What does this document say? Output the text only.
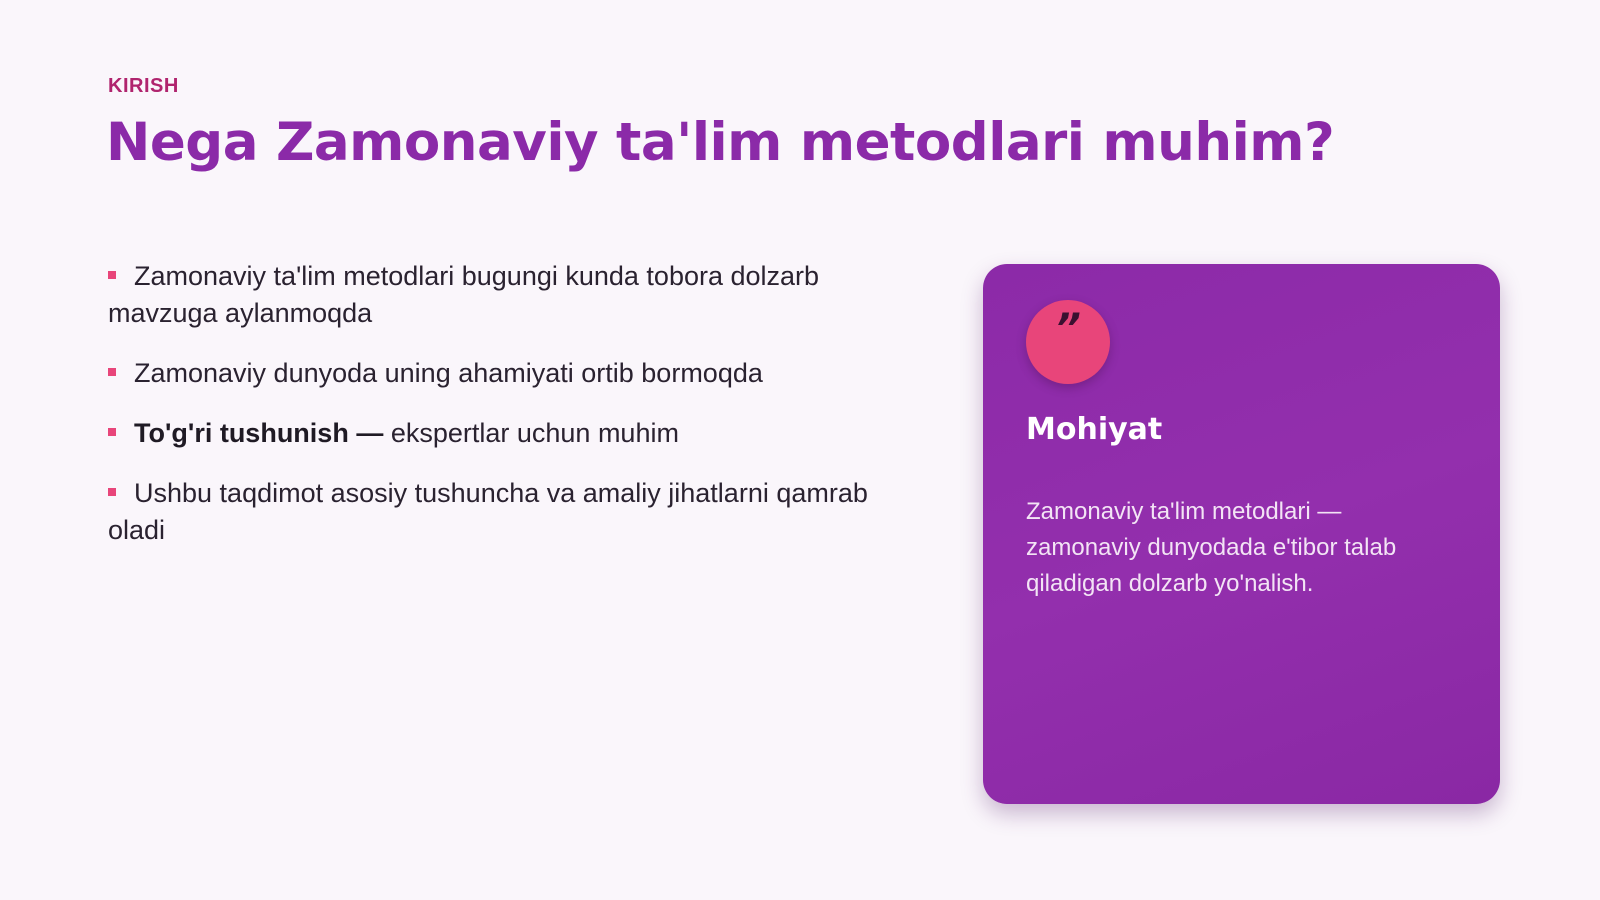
KIRISH
Nega Zamonaviy ta'lim metodlari muhim?
Zamonaviy ta'lim metodlari bugungi kunda tobora dolzarb mavzuga aylanmoqda
Zamonaviy dunyoda uning ahamiyati ortib bormoqda
To'g'ri tushunish — ekspertlar uchun muhim
Ushbu taqdimot asosiy tushuncha va amaliy jihatlarni qamrab oladi
”
Mohiyat

Zamonaviy ta'lim metodlari — zamonaviy dunyodada e'tibor talab qiladigan dolzarb yo'nalish.
